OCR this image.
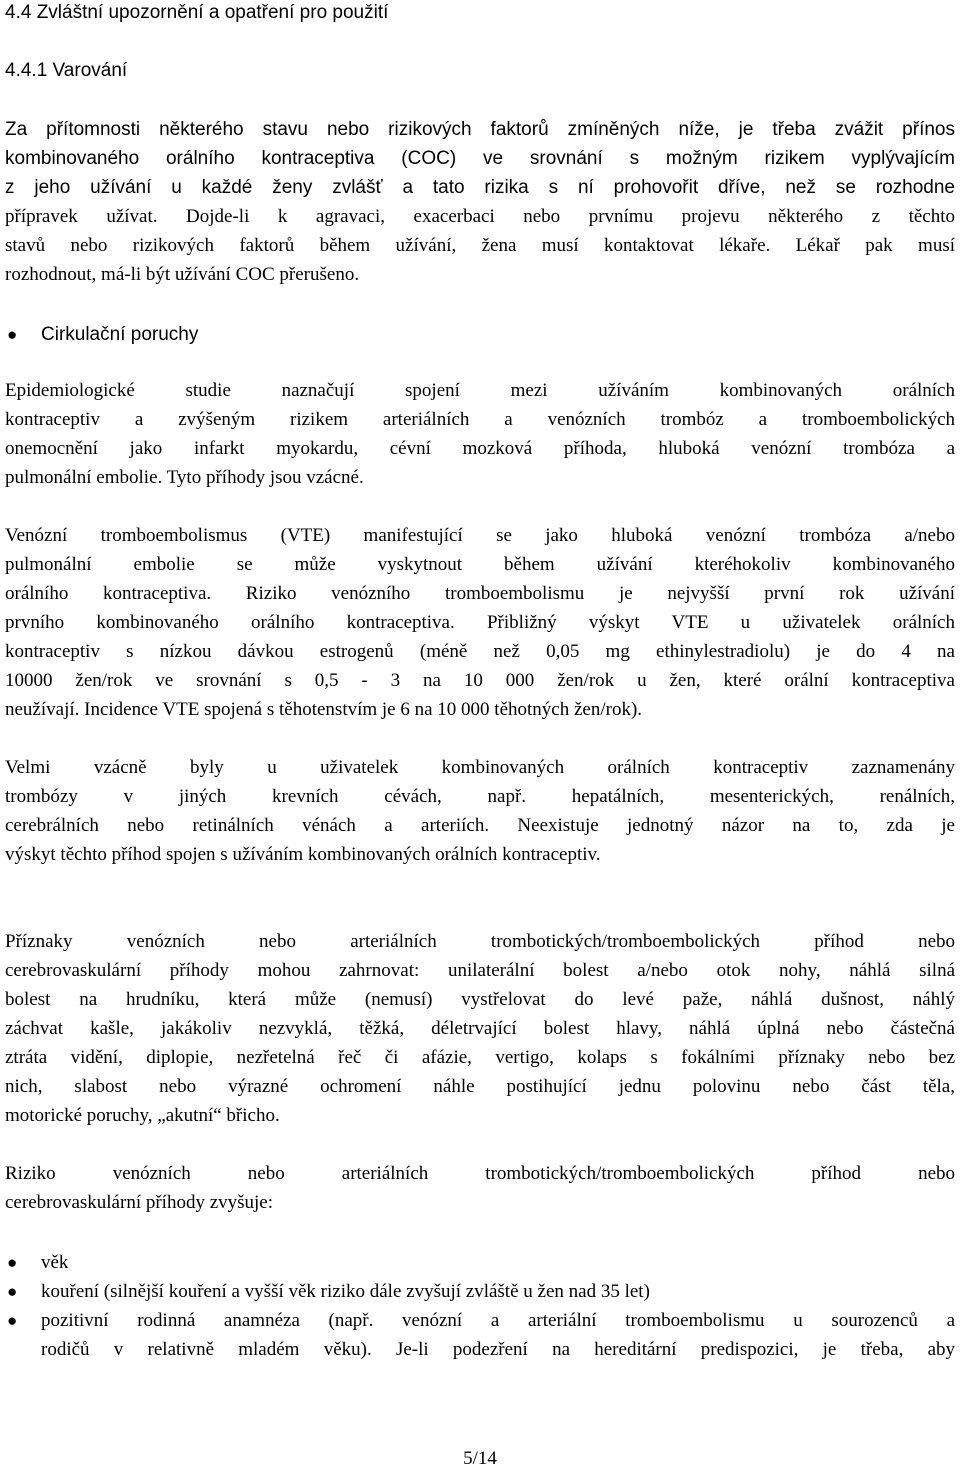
4.4 Zvláštní upozornění a opatření pro použití
4.4.1 Varování
Za přítomnosti některého stavu nebo rizikových faktorů zmíněných níže, je třeba zvážit přínos
kombinovaného orálního kontraceptiva (COC) ve srovnání s možným rizikem vyplývajícím
z jeho užívání u každé ženy zvlášť a tato rizika s ní prohovořit dříve, než se rozhodne
přípravek užívat. Dojde-li k agravaci, exacerbaci nebo prvnímu projevu některého z těchto
stavů nebo rizikových faktorů během užívání, žena musí kontaktovat lékaře. Lékař pak musí
rozhodnout, má-li být užívání COC přerušeno.
● Cirkulační poruchy
Epidemiologické studie naznačují spojení mezi užíváním kombinovaných orálních
kontraceptiv a zvýšeným rizikem arteriálních a venózních trombóz a tromboembolických
onemocnění jako infarkt myokardu, cévní mozková příhoda, hluboká venózní trombóza a
pulmonální embolie. Tyto příhody jsou vzácné.
Venózní tromboembolismus (VTE) manifestující se jako hluboká venózní trombóza a/nebo
pulmonální embolie se může vyskytnout během užívání kteréhokoliv kombinovaného
orálního kontraceptiva. Riziko venózního tromboembolismu je nejvyšší první rok užívání
prvního kombinovaného orálního kontraceptiva. Přibližný výskyt VTE u uživatelek orálních
kontraceptiv s nízkou dávkou estrogenů (méně než 0,05 mg ethinylestradiolu) je do 4 na
10000 žen/rok ve srovnání s 0,5 - 3 na 10 000 žen/rok u žen, které orální kontraceptiva
neužívají. Incidence VTE spojená s těhotenstvím je 6 na 10 000 těhotných žen/rok).
Velmi vzácně byly u uživatelek kombinovaných orálních kontraceptiv zaznamenány
trombózy v jiných krevních cévách, např. hepatálních, mesenterických, renálních,
cerebrálních nebo retinálních vénách a arteriích. Neexistuje jednotný názor na to, zda je
výskyt těchto příhod spojen s užíváním kombinovaných orálních kontraceptiv.
Příznaky venózních nebo arteriálních trombotických/tromboembolických příhod nebo
cerebrovaskulární příhody mohou zahrnovat: unilaterální bolest a/nebo otok nohy, náhlá silná
bolest na hrudníku, která může (nemusí) vystřelovat do levé paže, náhlá dušnost, náhlý
záchvat kašle, jakákoliv nezvyklá, těžká, déletrvající bolest hlavy, náhlá úplná nebo částečná
ztráta vidění, diplopie, nezřetelná řeč či afázie, vertigo, kolaps s fokálními příznaky nebo bez
nich, slabost nebo výrazné ochromení náhle postihující jednu polovinu nebo část těla,
motorické poruchy, „akutní“ břicho.
Riziko venózních nebo arteriálních trombotických/tromboembolických příhod nebo
cerebrovaskulární příhody zvyšuje:
● věk
● kouření (silnější kouření a vyšší věk riziko dále zvyšují zvláště u žen nad 35 let)
● pozitivní rodinná anamnéza (např. venózní a arteriální tromboembolismu u sourozenců a
rodičů v relativně mladém věku). Je-li podezření na hereditární predispozici, je třeba, aby
5/14
